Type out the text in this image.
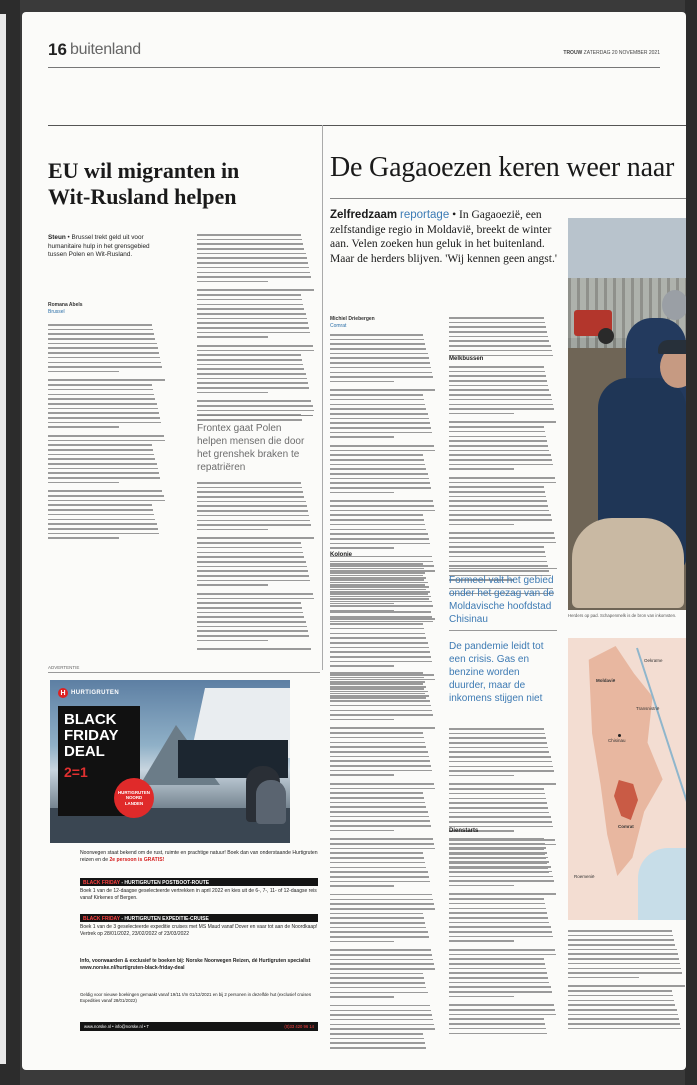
16 buitenland	TROUW ZATERDAG 20 NOVEMBER 2021
EU wil migranten in
Wit-Rusland helpen
Steun • Brussel trekt geld uit voor humanitaire hulp in het grensgebied tussen Polen en Wit-Rusland.
Romana Abels
Brussel
Frontex gaat Polen helpen mensen die door het grenshek braken te repatriëren
ADVERTENTIE
H HURTIGRUTEN
BLACK
FRIDAY
DEAL
2=1
HURTIGRUTEN NOORD LANDEN
Noorwegen staat bekend om de rust, ruimte en prachtige natuur! Boek dan van onderstaande Hurtigruten reizen en de 2e persoon is GRATIS!
BLACK FRIDAY - HURTIGRUTEN POSTBOOT-ROUTE
Boek 1 van de 12-daagse geselecteerde vertrekken in april 2022 en kies uit de 6-, 7-, 11- of 12-daagse reis vanaf Kirkenes of Bergen.
BLACK FRIDAY - HURTIGRUTEN EXPEDITIE-CRUISE
Boek 1 van de 3 geselecteerde expeditie cruises met MS Maud vanaf Dover en vaar tot aan de Noordkaap! Vertrek op 28/01/2022, 23/02/2022 of 23/03/2022
Info, voorwaarden & exclusief te boeken bij: Norske Noorwegen Reizen, dé Hurtigruten specialist www.norske.nl/hurtigruten-black-friday-deal
Geldig voor nieuwe boekingen gemaakt vanaf 19/11 t/m 01/12/2021 en bij 2 personen in dezelfde hut (exclusief cruises Expedities vanaf 28/01/2022)
www.norske.nl • info@norske.nl • T	(0)33 420 96 14
De Gagaoezen keren weer naar
Zelfredzaam reportage • In Gagaoezië, een zelfstandige regio in Moldavië, breekt de winter aan. Velen zoeken hun geluk in het buitenland. Maar de herders blijven. 'Wij kennen geen angst.'
Michiel Driebergen
Comrat
Kolonie
Melkbussen
Formeel valt het gebied onder het gezag van de Moldavische hoofdstad Chisinau
De pandemie leidt tot een crisis. Gas en benzine worden duurder, maar de inkomens stijgen niet
Dienstarts
Herders op pad. Schapenmelk is de bron van inkomsten.
Moldavië
Chisinau
Transnistrië
Comrat
Roemenië
Oekraïne
